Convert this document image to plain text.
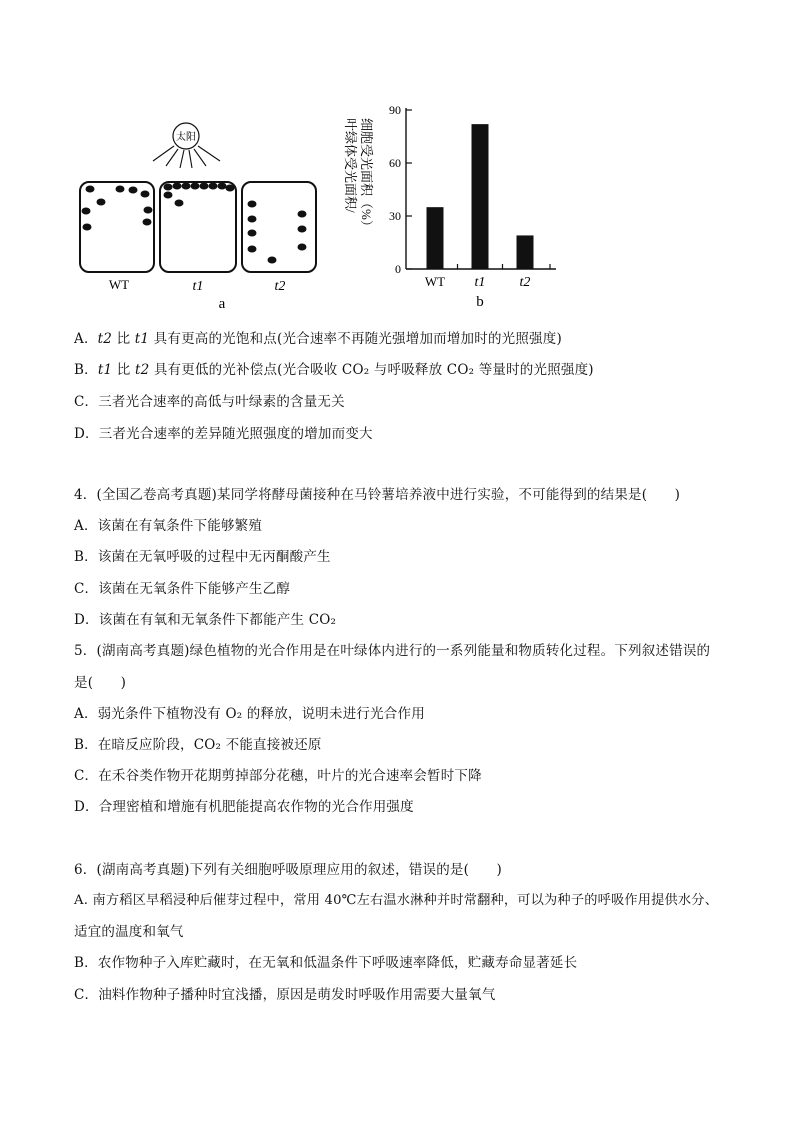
太阳
WT	t1	t2
a
叶绿体受光面积/ 细胞受光面积（%）
0
30
60
90
WT t1 t2
b
A．t2 比 t1 具有更高的光饱和点(光合速率不再随光强增加而增加时的光照强度)
B．t1 比 t2 具有更低的光补偿点(光合吸收 CO₂ 与呼吸释放 CO₂ 等量时的光照强度)
C．三者光合速率的高低与叶绿素的含量无关
D．三者光合速率的差异随光照强度的增加而变大
4．(全国乙卷高考真题)某同学将酵母菌接种在马铃薯培养液中进行实验，不可能得到的结果是(　　)
A．该菌在有氧条件下能够繁殖
B．该菌在无氧呼吸的过程中无丙酮酸产生
C．该菌在无氧条件下能够产生乙醇
D．该菌在有氧和无氧条件下都能产生 CO₂
5．(湖南高考真题)绿色植物的光合作用是在叶绿体内进行的一系列能量和物质转化过程。下列叙述错误的
是(　　)
A．弱光条件下植物没有 O₂ 的释放，说明未进行光合作用
B．在暗反应阶段，CO₂ 不能直接被还原
C．在禾谷类作物开花期剪掉部分花穗，叶片的光合速率会暂时下降
D．合理密植和增施有机肥能提高农作物的光合作用强度
6．(湖南高考真题)下列有关细胞呼吸原理应用的叙述，错误的是(　　)
A. 南方稻区早稻浸种后催芽过程中，常用 40℃左右温水淋种并时常翻种，可以为种子的呼吸作用提供水分、
适宜的温度和氧气
B．农作物种子入库贮藏时，在无氧和低温条件下呼吸速率降低，贮藏寿命显著延长
C．油料作物种子播种时宜浅播，原因是萌发时呼吸作用需要大量氧气
